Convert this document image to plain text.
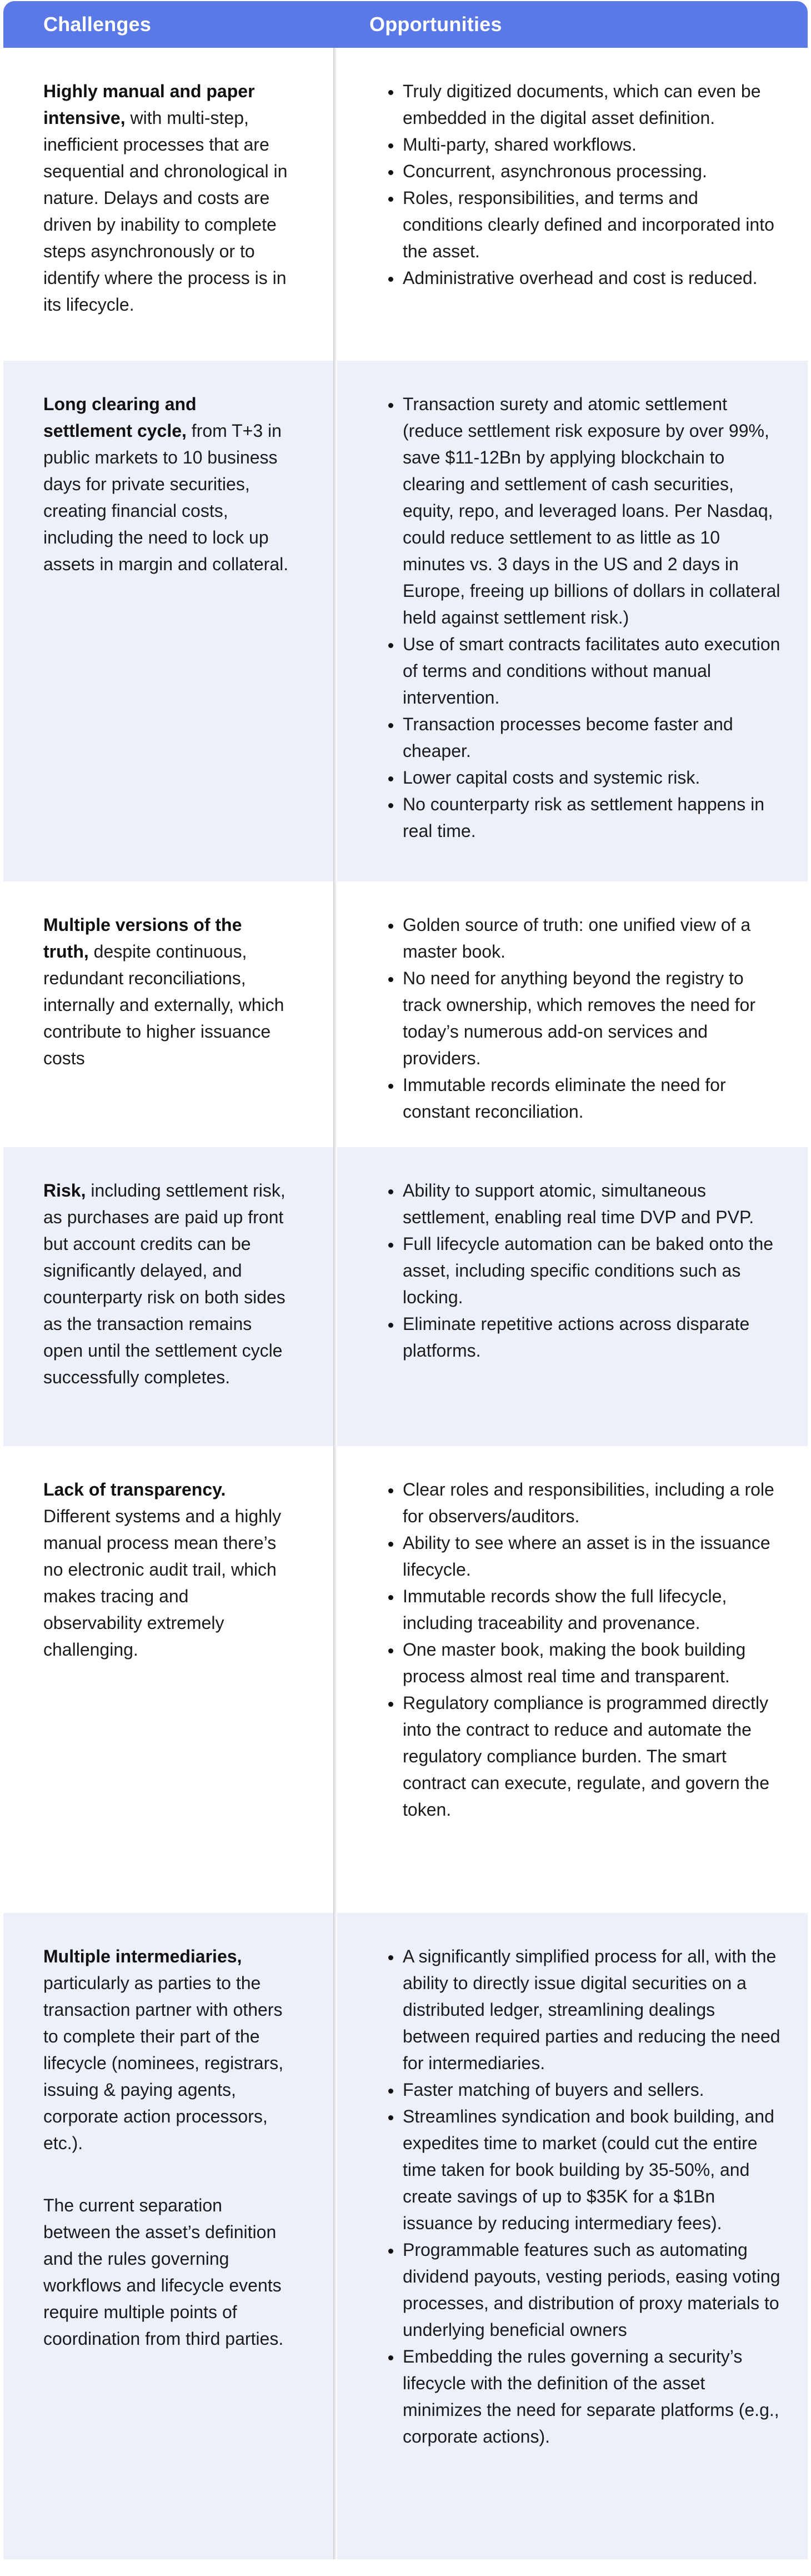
Challenges	Opportunities

Highly manual and paper intensive, with multi-step, inefficient processes that are sequential and chronological in nature. Delays and costs are driven by inability to complete steps asynchronously or to identify where the process is in its lifecycle.

• Truly digitized documents, which can even be embedded in the digital asset definition.
• Multi-party, shared workflows.
• Concurrent, asynchronous processing.
• Roles, responsibilities, and terms and conditions clearly defined and incorporated into the asset.
• Administrative overhead and cost is reduced.

Long clearing and settlement cycle, from T+3 in public markets to 10 business days for private securities, creating financial costs, including the need to lock up assets in margin and collateral.

• Transaction surety and atomic settlement (reduce settlement risk exposure by over 99%, save $11-12Bn by applying blockchain to clearing and settlement of cash securities, equity, repo, and leveraged loans. Per Nasdaq, could reduce settlement to as little as 10 minutes vs. 3 days in the US and 2 days in Europe, freeing up billions of dollars in collateral held against settlement risk.)
• Use of smart contracts facilitates auto execution of terms and conditions without manual intervention.
• Transaction processes become faster and cheaper.
• Lower capital costs and systemic risk.
• No counterparty risk as settlement happens in real time.

Multiple versions of the truth, despite continuous, redundant reconciliations, internally and externally, which contribute to higher issuance costs

• Golden source of truth: one unified view of a master book.
• No need for anything beyond the registry to track ownership, which removes the need for today’s numerous add-on services and providers.
• Immutable records eliminate the need for constant reconciliation.

Risk, including settlement risk, as purchases are paid up front but account credits can be significantly delayed, and counterparty risk on both sides as the transaction remains open until the settlement cycle successfully completes.

• Ability to support atomic, simultaneous settlement, enabling real time DVP and PVP.
• Full lifecycle automation can be baked onto the asset, including specific conditions such as locking.
• Eliminate repetitive actions across disparate platforms.

Lack of transparency. Different systems and a highly manual process mean there’s no electronic audit trail, which makes tracing and observability extremely challenging.

• Clear roles and responsibilities, including a role for observers/auditors.
• Ability to see where an asset is in the issuance lifecycle.
• Immutable records show the full lifecycle, including traceability and provenance.
• One master book, making the book building process almost real time and transparent.
• Regulatory compliance is programmed directly into the contract to reduce and automate the regulatory compliance burden. The smart contract can execute, regulate, and govern the token.

Multiple intermediaries, particularly as parties to the transaction partner with others to complete their part of the lifecycle (nominees, registrars, issuing & paying agents, corporate action processors, etc.).

The current separation between the asset’s definition and the rules governing workflows and lifecycle events require multiple points of coordination from third parties.

• A significantly simplified process for all, with the ability to directly issue digital securities on a distributed ledger, streamlining dealings between required parties and reducing the need for intermediaries.
• Faster matching of buyers and sellers.
• Streamlines syndication and book building, and expedites time to market (could cut the entire time taken for book building by 35-50%, and create savings of up to $35K for a $1Bn issuance by reducing intermediary fees).
• Programmable features such as automating dividend payouts, vesting periods, easing voting processes, and distribution of proxy materials to underlying beneficial owners
• Embedding the rules governing a security’s lifecycle with the definition of the asset minimizes the need for separate platforms (e.g., corporate actions).
